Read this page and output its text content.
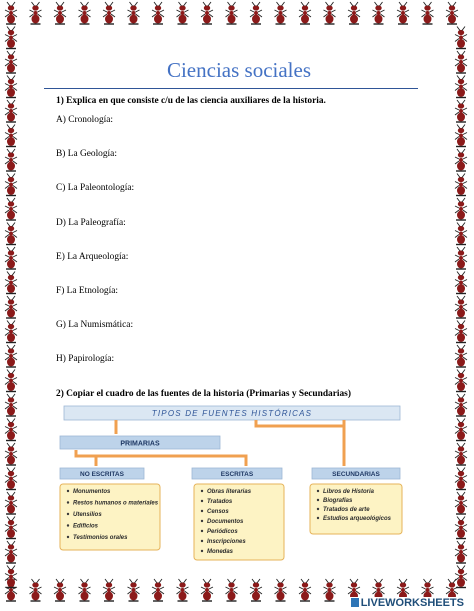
Ciencias sociales
1) Explica en que consiste c/u de las ciencia auxiliares de la historia.
A) Cronología:
B) La Geología:
C) La Paleontología:
D) La Paleografía:
E) La Arqueología:
F) La Etnología:
G) La Numismática:
H) Papirología:
2) Copiar el cuadro de las fuentes de la historia (Primarias y Secundarias)
TIPOS DE FUENTES HISTÓRICAS
PRIMARIAS
NO ESCRITAS
Monumentos
Restos humanos o materiales
Utensilios
Edificios
Testimonios orales
ESCRITAS
Obras literarias
Tratados
Censos
Documentos
Periódicos
Inscripciones
Monedas
SECUNDARIAS
Libros de Historia
Biografías
Tratados de arte
Estudios arqueológicos
LIVEWORKSHEETS
